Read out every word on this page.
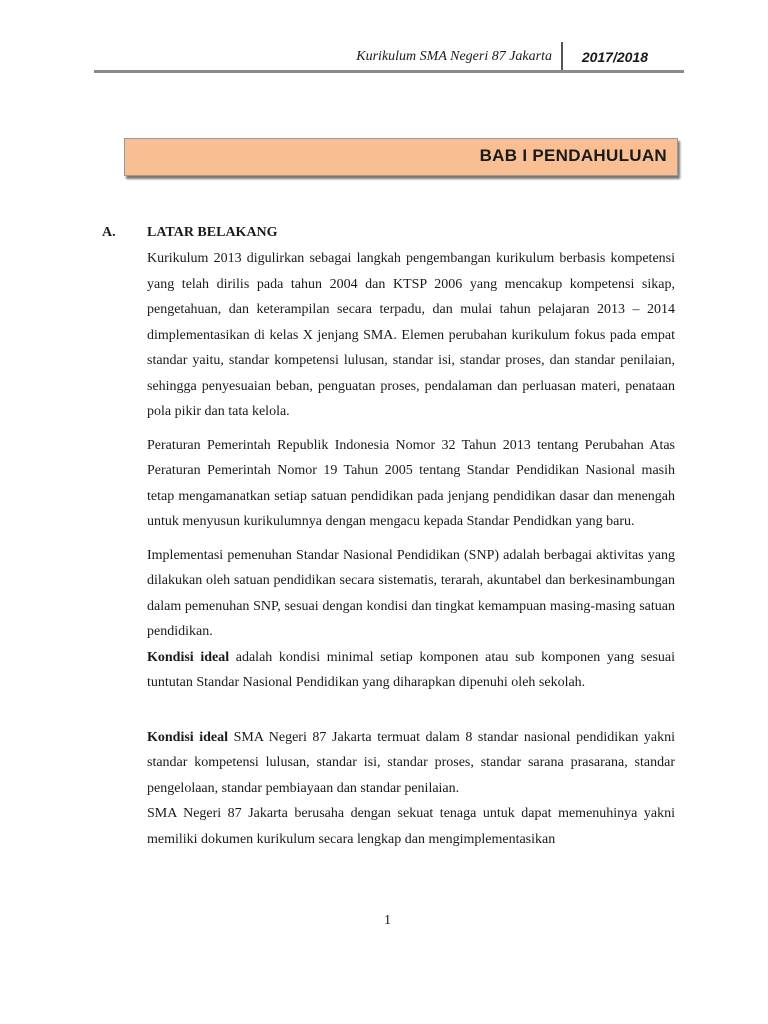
Kurikulum SMA Negeri 87 Jakarta 2017/2018
BAB I PENDAHULUAN
A. LATAR BELAKANG

Kurikulum 2013 digulirkan sebagai langkah pengembangan kurikulum berbasis kompetensi yang telah dirilis pada tahun 2004 dan KTSP 2006 yang mencakup kompetensi sikap, pengetahuan, dan keterampilan secara terpadu, dan mulai tahun pelajaran 2013 – 2014 dimplementasikan di kelas X jenjang SMA. Elemen perubahan kurikulum fokus pada empat standar yaitu, standar kompetensi lulusan, standar isi, standar proses, dan standar penilaian, sehingga penyesuaian beban, penguatan proses, pendalaman dan perluasan materi, penataan pola pikir dan tata kelola.

Peraturan Pemerintah Republik Indonesia Nomor 32 Tahun 2013 tentang Perubahan Atas Peraturan Pemerintah Nomor 19 Tahun 2005 tentang Standar Pendidikan Nasional masih tetap mengamanatkan setiap satuan pendidikan pada jenjang pendidikan dasar dan menengah untuk menyusun kurikulumnya dengan mengacu kepada Standar Pendidkan yang baru.

Implementasi pemenuhan Standar Nasional Pendidikan (SNP) adalah berbagai aktivitas yang dilakukan oleh satuan pendidikan secara sistematis, terarah, akuntabel dan berkesinambungan dalam pemenuhan SNP, sesuai dengan kondisi dan tingkat kemampuan masing-masing satuan pendidikan.

Kondisi ideal adalah kondisi minimal setiap komponen atau sub komponen yang sesuai tuntutan Standar Nasional Pendidikan yang diharapkan dipenuhi oleh sekolah.

Kondisi ideal SMA Negeri 87 Jakarta termuat dalam 8 standar nasional pendidikan yakni standar kompetensi lulusan, standar isi, standar proses, standar sarana prasarana, standar pengelolaan, standar pembiayaan dan standar penilaian.

SMA Negeri 87 Jakarta berusaha dengan sekuat tenaga untuk dapat memenuhinya yakni memiliki dokumen kurikulum secara lengkap dan mengimplementasikan

1
